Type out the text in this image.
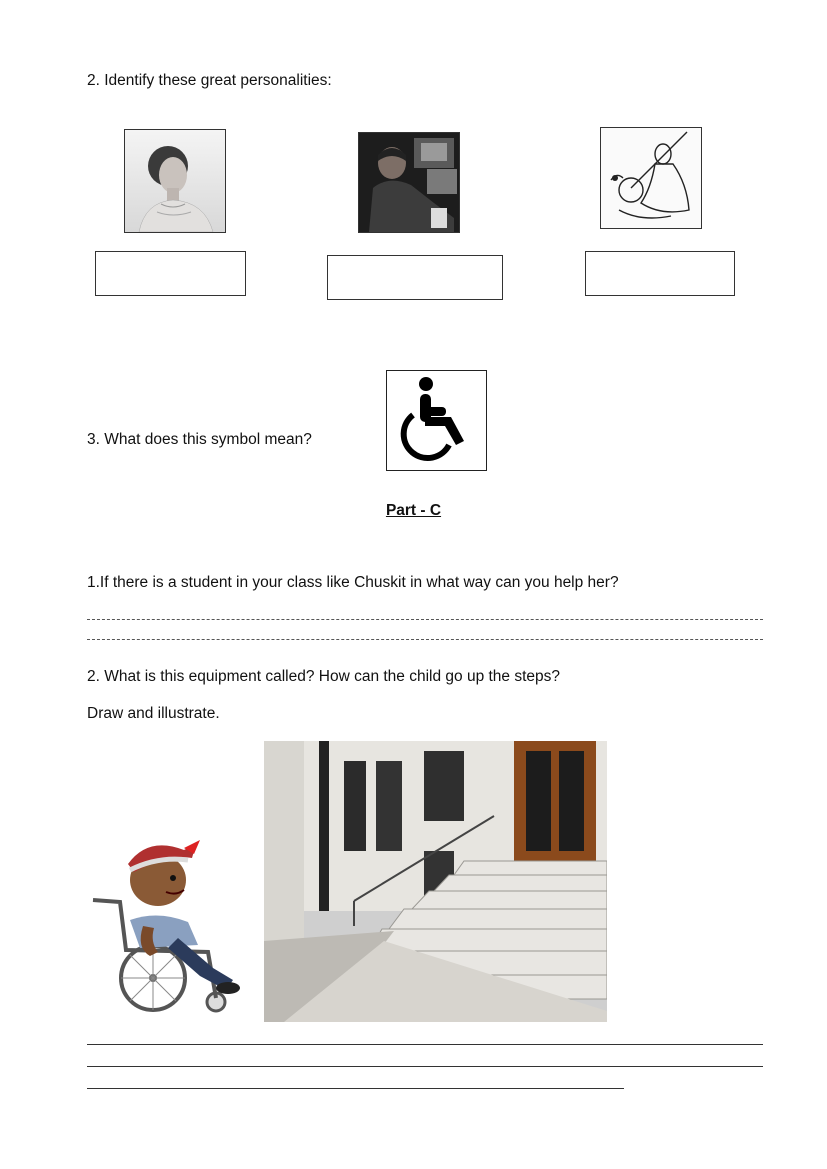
2. Identify these great personalities:
3. What does this symbol mean?
Part - C
1.If there is a student in your class like Chuskit in what way can you help her?
2. What is this equipment called? How can the child go up the steps?
Draw and illustrate.
